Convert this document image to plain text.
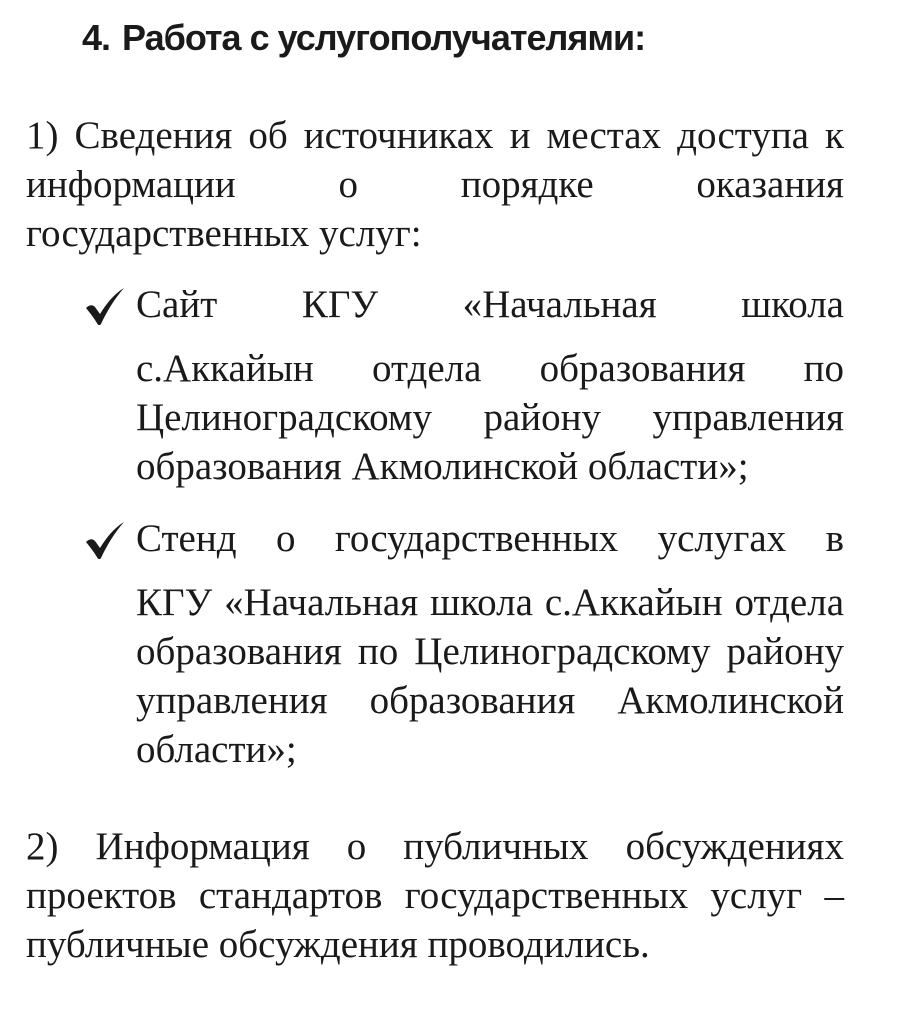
4. Работа с услугополучателями:
1) Сведения об источниках и местах доступа к информации о порядке оказания государственных услуг:
Сайт КГУ «Начальная школа
с.Аккайын отдела образования по Целиноградскому району управления образования Акмолинской области»;
Стенд о государственных услугах в
КГУ «Начальная школа с.Аккайын отдела образования по Целиноградскому району управления образования Акмолинской области»;
2) Информация о публичных обсуждениях проектов стандартов государственных услуг – публичные обсуждения проводились.
